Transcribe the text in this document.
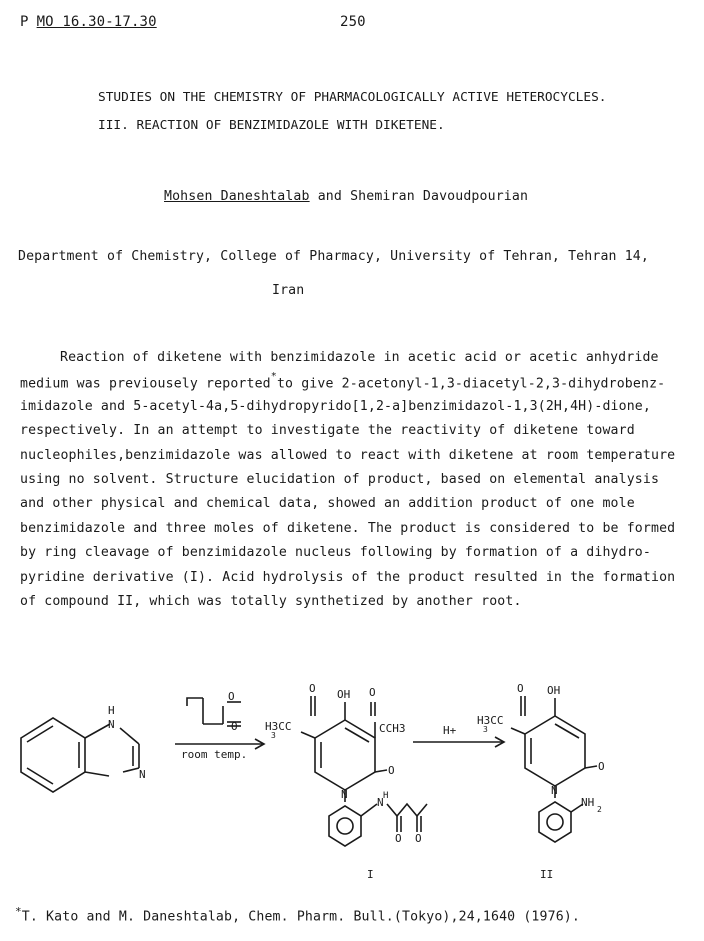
P MO 16.30-17.30	250
STUDIES ON THE CHEMISTRY OF PHARMACOLOGICALLY ACTIVE HETEROCYCLES.
III. REACTION OF BENZIMIDAZOLE WITH DIKETENE.
Mohsen Daneshtalab and Shemiran Davoudpourian
Department of Chemistry, College of Pharmacy, University of Tehran, Tehran 14,
Iran
Reaction of diketene with benzimidazole in acetic acid or acetic anhydride
medium was previousely reported*to give 2-acetonyl-1,3-diacetyl-2,3-dihydrobenz-
imidazole and 5-acetyl-4a,5-dihydropyrido[1,2-a]benzimidazol-1,3(2H,4H)-dione,
respectively. In an attempt to investigate the reactivity of diketene toward
nucleophiles,benzimidazole was allowed to react with diketene at room temperature
using no solvent. Structure elucidation of product, based on elemental analysis
and other physical and chemical data, showed an addition product of one mole
benzimidazole and three moles of diketene. The product is considered to be formed
by ring cleavage of benzimidazole nucleus following by formation of a dihydro-
pyridine derivative (I). Acid hydrolysis of the product resulted in the formation
of compound II, which was totally synthetized by another root.
H
N
N
O
O
room temp.
OH
H3CC
3
O	O
CCH3
O
N
N H
O O
I
H+
OH
H3CC
3
O
O
N
NH
2
II
*T. Kato and M. Daneshtalab, Chem. Pharm. Bull.(Tokyo),24,1640 (1976).
